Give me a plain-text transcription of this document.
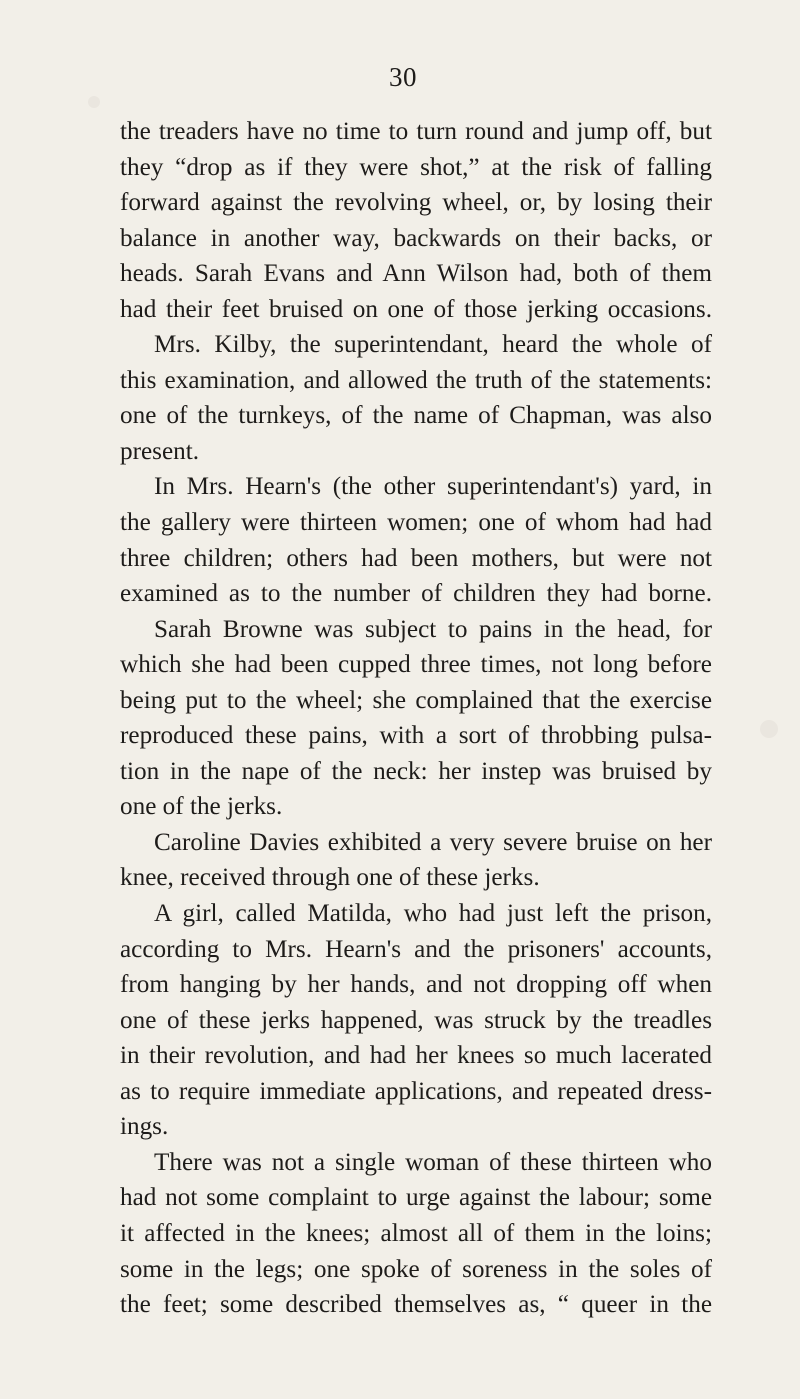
30
the treaders have no time to turn round and jump off, but
they “drop as if they were shot,” at the risk of falling
forward against the revolving wheel, or, by losing their
balance in another way, backwards on their backs, or
heads. Sarah Evans and Ann Wilson had, both of them
had their feet bruised on one of those jerking occasions.
Mrs. Kilby, the superintendant, heard the whole of
this examination, and allowed the truth of the statements:
one of the turnkeys, of the name of Chapman, was also
present.
In Mrs. Hearn's (the other superintendant's) yard, in
the gallery were thirteen women; one of whom had had
three children; others had been mothers, but were not
examined as to the number of children they had borne.
Sarah Browne was subject to pains in the head, for
which she had been cupped three times, not long before
being put to the wheel; she complained that the exercise
reproduced these pains, with a sort of throbbing pulsa-
tion in the nape of the neck: her instep was bruised by
one of the jerks.
Caroline Davies exhibited a very severe bruise on her
knee, received through one of these jerks.
A girl, called Matilda, who had just left the prison,
according to Mrs. Hearn's and the prisoners' accounts,
from hanging by her hands, and not dropping off when
one of these jerks happened, was struck by the treadles
in their revolution, and had her knees so much lacerated
as to require immediate applications, and repeated dress-
ings.
There was not a single woman of these thirteen who
had not some complaint to urge against the labour; some
it affected in the knees; almost all of them in the loins;
some in the legs; one spoke of soreness in the soles of
the feet; some described themselves as, “ queer in the
